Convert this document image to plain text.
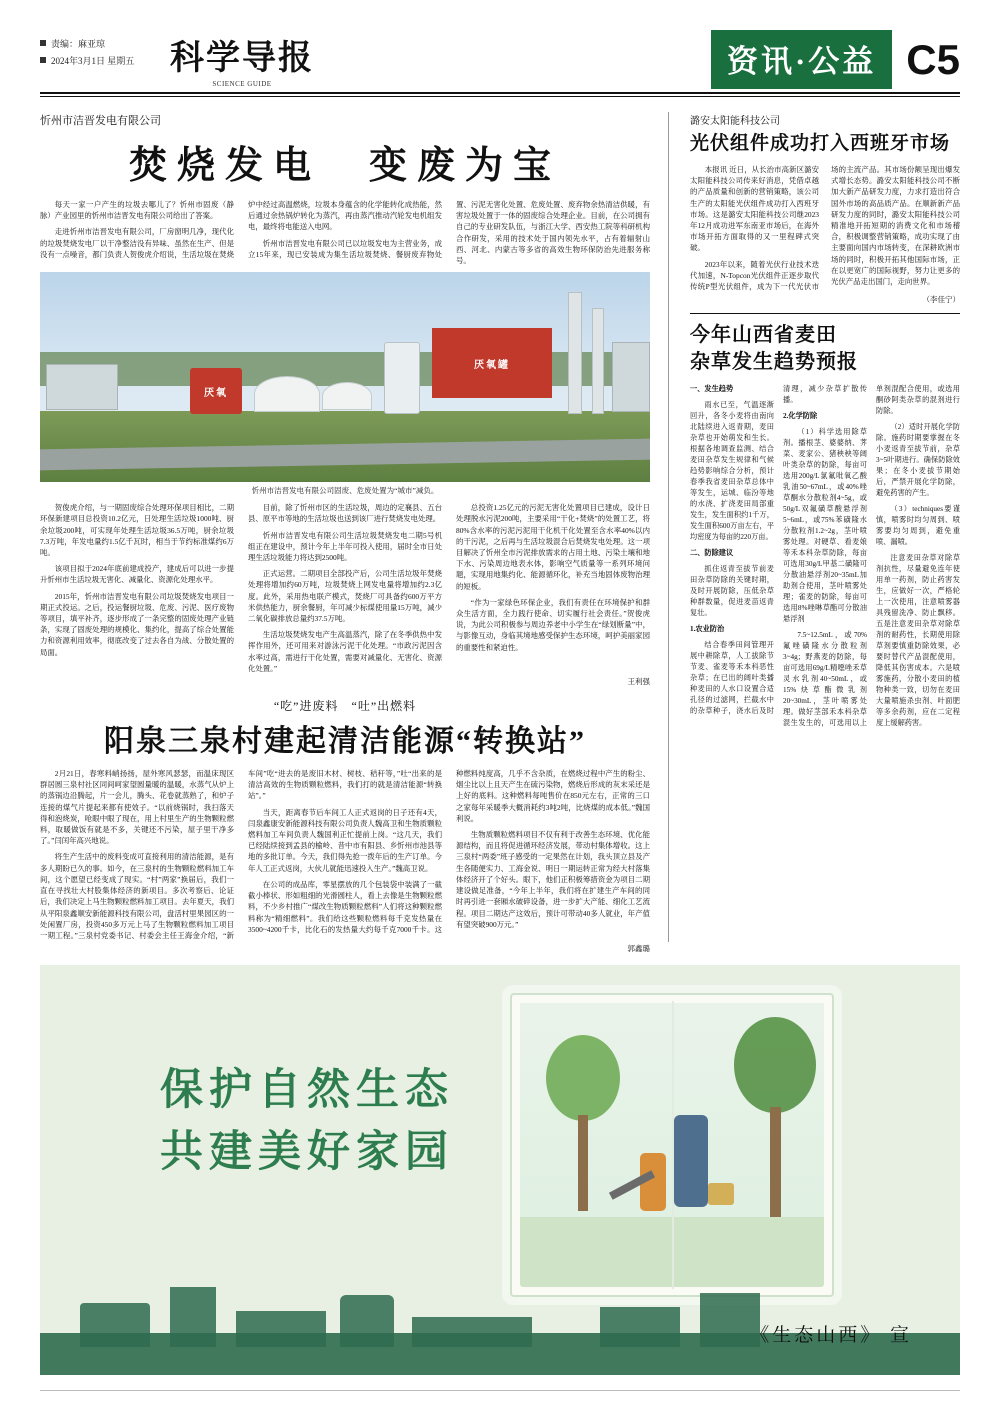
责编：麻亚琼
2024年3月1日 星期五 科学导报
SCIENCE GUIDE
资讯·公益 C5
忻州市洁晋发电有限公司
焚烧发电　变废为宝

每天一家一户产生的垃圾去哪儿了？忻州市固废（静脉）产业园里的忻州市洁晋发电有限公司给出了答案。

走进忻州市洁晋发电有限公司，厂房窗明几净，现代化的垃圾焚烧发电厂以干净整洁没有异味、虽然在生产、但是没有一点噪音，都门负责人贺俊虎介绍说，生活垃圾在焚烧炉中经过高温燃烧，垃圾本身蕴含的化学能转化成热能，然后通过余热锅炉转化为蒸汽，再由蒸汽推动汽轮发电机组发电，最终将电能送入电网。

忻州市洁晋发电有限公司已以垃圾发电为主营业务，成立15年来，现已安装成为集生活垃圾焚烧、餐厨废弃物处置、污泥无害化处置、危废处置、废弃物余热清洁供暖，有害垃圾处置于一体的固废综合处理企业。目前，在公司拥有自己的专业研发队伍，与浙江大学、西安热工院等科研机构合作研发，采用的技术处于国内领先水平，占有着辐射山西、河北、内蒙古等多省的高效生物环保防治先进服务称号。

厌氧
厌氧罐
忻州市洁晋发电有限公司固废、危废处置为“城市”减负。

贺俊虎介绍，与一期固废综合处理环保项目相比，二期环保新建项目总投资10.2亿元，日处理生活垃圾1000吨、厨余垃圾200吨，可实现年处理生活垃圾36.5万吨，厨余垃圾7.3万吨，年发电量约1.5亿千瓦时，相当于节约标准煤约6万吨。

该项目拟于2024年底前建成投产，建成后可以进一步提升忻州市生活垃圾无害化、减量化、资源化处理水平。

2015年，忻州市洁晋发电有限公司垃圾焚烧发电项目一期正式投运。之后，投运餐厨垃圾、危废、污泥、医疗废物等项目，填平补齐，逐步形成了一条完整的固废处理产业链条，实现了固废处理的规模化、集约化，提高了综合处置能力和资源利用效率，彻底改变了过去各自为战、分散处置的局面。

目前，除了忻州市区的生活垃圾，周边的定襄县、五台县、原平市等地的生活垃圾也送到该厂进行焚烧发电处理。

忻州市洁晋发电有限公司生活垃圾焚烧发电二期5号机组正在建设中，预计今年上半年可投入使用，届时全市日处理生活垃圾能力将达到2500吨。

正式运营。二期项目全部投产后，公司生活垃圾年焚烧处理将增加约60万吨，垃圾焚烧上网发电量将增加约2.3亿度。此外，采用热电联产模式，焚烧厂可具备约600万平方米供热能力，厨余餐厨，年可减少标煤使用量15万吨，减少二氧化碳排放总量约37.5万吨。

生活垃圾焚烧发电产生高温蒸汽，除了在冬季供热中发挥作用外，还可用来对游泳污泥干化处理。“市政污泥因含水率过高，需进行干化处置，需要对减量化、无害化、资源化处置。”

总投资1.25亿元的污泥无害化处置项目已建成，设计日处理脱水污泥200吨，主要采用“干化+焚烧”的处置工艺，将80%含水率的污泥污泥用干化机干化处置至含水率40%以内的干污泥，之后再与生活垃圾混合后焚烧发电处理。这一项目解决了忻州全市污泥排放需求的占用土地、污染土壤和地下水、污染周边地表水体，影响空气质量等一系列环境问题，实现用地集约化、能源循环化，补充当地固体废物治理的短板。

“作为一家绿色环保企业，我们有责任在环境保护和群众生活方面，全力践行使命、切实履行社会责任。”贺俊虎说，为此公司积极参与周边养老中小学生在“绿划断量”中，与影像互动，身临其境地感受保护生态环境，呵护美丽家园的重要性和紧迫性。

王利强
“吃”进废料　“吐”出燃料
阳泉三泉村建起清洁能源“转换站”

2月21日，春寒料峭扬扬，屋外寒风瑟瑟，而温床现区群居圆三泉村社区同间呵家望圆量暖的温暖，水蒸气从炉上的蒸锅边沿腾起，片一会儿，腾头、花卷就蒸熟了，和炉子连接的煤气片提起来都有使效子。“以前烧锅时，我扫落天得和泡烧炭，呛眼中眼了现在，用上村里生产的生物颗粒燃料，取暖做饭有就是不多，关键还不污染，屋子里干净多了。”闫闰年高兴地说。

将生产生活中的废料变成可直接利用的清洁能源，是有多人期盼已久的事。如今，在三泉村的生物颗粒燃料加工车间，这个愿望已经变成了现实。“村”两家”换届后，我们一直在寻找壮大村股集体经济的新项目。多次考察后、论证后，我们决定上马生物颗粒燃料加工项目。去年夏天，我们从平阳泉鑫顺安新能源科技有限公司，盘活村里果园区的一处闲置厂房，投资450多万元上马了生物颗粒燃料加工项目一期工程。”三泉村党委书记、村委会主任王海金介绍，“新车间”吃“进去的是废旧木材、树枝、秸秆等，”吐“出来的是清洁高效的生物质颗粒燃料，我们打的就是清洁能源“转换站”。”

当天，距离春节后车间工人正式返岗的日子还有4天，闫泉鑫康安新能源科技有限公司负责人魏高卫和生物质颗粒燃料加工车间负责人魏国利正忙提前上岗。“这几天，我们已经陆续接到孟县的榆岭、昔中市有阳县、乡忻州市池县等地的多批订单。今天，我们得先抢一拨年后的生产订单。今年人工正式返岗，大伙儿就能迅速投入生产。”魏高卫说。

在公司的成品库，零星摆放的几个包装袋中装满了一截截小棒状、形如粗细的光滑圆柱人，看上去像是生物颗粒燃料，不少乡村推广“煤改生物质颗粒燃料”人们将这种颗粒燃料称为“精细燃料”。我们给这些颗粒燃料每千克发热量在3500~4200千卡，比化石的发热量大约每千克7000千卡。这种燃料纯度高，几乎不含杂质，在燃烧过程中产生的粉尘、烟尘比以上且天产生在硫污染物，燃烧后形成的灰末采还是上好的底料。这种燃料每吨售价在850元左右，正常的三口之家每年采暖季大概消耗约3吨2吨，比烧煤的成本低。”魏国利说。

生物质颗粒燃料项目不仅有利于改善生态环境、优化能源结构，而且将促进循环经济发展，带动村集体增收。这上三泉村“两委”班子感受的一定果然在计划，我头顶立县及产生各随便实力、工海金说、明日一期运转正常为经大村落集体经济开了个好头。眼下，他们正积极筹措资金为项目二期建设做足准备，“今年上半年，我们将在扩建生产车间的同时再引进一套厢水破碎设备，进一步扩大产能、细化工艺流程。项目二期达产这效后，预计可带动40多人就业，年产值有望突破900万元。”

郭鑫璐
潞安太阳能科技公司
光伏组件成功打入西班牙市场

本报讯 近日，从长治市高新区潞安太阳能科技公司传来好消息，凭借卓越的产品质量和创新的营销策略，该公司生产的太阳能光伏组件成功打入西班牙市场。这是潞安太阳能科技公司继2023年12月成功进军东南亚市场后，在海外市场开拓方面取得的又一里程碑式突破。

2023年以来，随着光伏行业技术迭代加速，N-Topcon光伏组件正逐步取代传统P型光伏组件，成为下一代光伏市场的主流产品。其市场份额呈现出爆发式增长态势。潞安太阳能科技公司不断加大新产品研发力度，力求打造出符合国外市场的高品质产品。在顺新新产品研发力度的同时，潞安太阳能科技公司精准地开拓短期的消费文化和市场稽合，积极调整营销策略，成功实现了由主要面向国内市场转变，在深耕欧洲市场的同时，积极开拓其他国际市场，正在以更宽广的国际视野，努力让更多的光伏产品走出国门，走向世界。

（李佳宁）
今年山西省麦田
杂草发生趋势预报

一、发生趋势

雨水已至，气温逐渐回升，各冬小麦将由南向北陆续进入返青期，麦田杂草也开始萌发和生长。根据各地调查监测、结合麦田杂草发生规律和气候趋势影响综合分析，预计春季我省麦田杂草总体中等发生，运城、临汾等地的水浇、扩浇麦田局部重发生，发生面积约1千万，发生面积600万亩左右，平均密度为每亩的220万亩。

二、防除建议

抓住返青至拔节前麦田杂草防除的关键时期，及时开展防除，压低杂草种群数量，促进麦苗返青复壮。

1.农业防治

结合春季田间管理开展中耕除草，人工拔除节节麦、雀麦等禾本科恶性杂草；在已出的阔叶类播种麦田的人水口设置合适孔径的过滤网，拦截水中的杂草种子，浇水后及时清理，减少杂草扩散传播。

2.化学防除

（1）科学选用除草剂。播根茎、婆婆纳、荠菜、麦家公、猪秧秧等阔叶类杂草的防除，每亩可选用200g/L氯氟吡氧乙酸乳油50~67mL，或40%唑草酮水分散粒剂4~5g，或50g/L双氟磺草酸悬浮剂5~6mL，或75%苯磺隆水分散粒剂1.2~2g，茎叶喷雾处理。对硬草、看麦娘等禾本科杂草防除，每亩可选用30g/L甲基二磺隆可分散油悬浮剂20~35mL加助剂合使用，茎叶喷雾处理；雀麦的防除，每亩可选用8%唑啉草酯可分散油悬浮剂

7.5~12.5mL，或70%氟唑磺隆水分散粒剂3~4g；野燕麦的防除，每亩可选用69g/L精噁唑禾草灵水乳剂40~50mL，或15%炔草酯微乳剂20~30mL，茎叶喷雾处理。做好茎部禾本科杂草混生发生的，可选用以上单剂混配合使用，或选用酮砂阿类杂草的混剂进行防除。

（2）适时开展化学防除。施药时期要掌握在冬小麦返青至拔节前，杂草3~5叶期进行。确保防除效果；在冬小麦拔节期始后，严禁开展化学防除，避免药害的产生。

（3）techniques要谨慎，喷雾时均匀周到、喷雾要均匀周到，避免重喷、漏喷。

注意麦田杂草对除草剂抗性，尽量避免连年使用单一药剂，防止药害发生，应做好一次，严格轮上一次使用，注意喷雾器具残留洗净、防止飘移。五是注意麦田杂草对除草剂的耐药性，长期使用除草剂要慎重防除效果，必要时替代产品混配使用，降低其伤害成本。六是喷雾施药，分散小麦田的植物种类一致，切勿在麦田大量喷施杀虫剂、叶面肥等多余药剂，应在二定程度上缓解药害。

保护自然生态
共建美好家园
《生态山西》 宣
